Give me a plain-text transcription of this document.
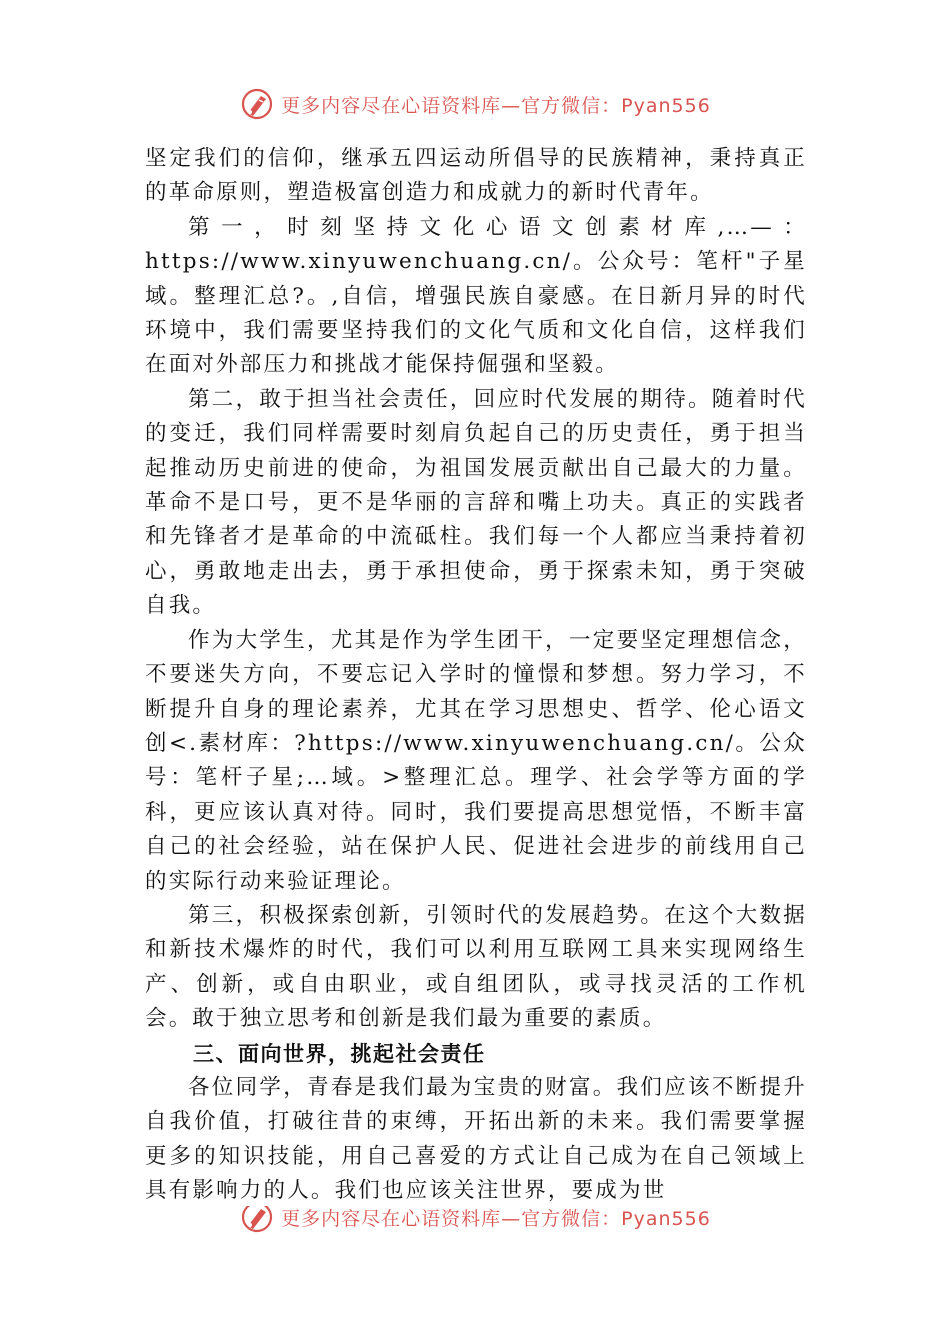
更多内容尽在心语资料库—官方微信：Pyan556

坚定我们的信仰，继承五四运动所倡导的民族精神，秉持真正的革命原则，塑造极富创造力和成就力的新时代青年。

第一，时刻坚持文化心语文创素材库,…—：https://www.xinyuwenchuang.cn/。公众号：笔杆"子星域。整理汇总?。,自信，增强民族自豪感。在日新月异的时代环境中，我们需要坚持我们的文化气质和文化自信，这样我们在面对外部压力和挑战才能保持倔强和坚毅。

第二，敢于担当社会责任，回应时代发展的期待。随着时代的变迁，我们同样需要时刻肩负起自己的历史责任，勇于担当起推动历史前进的使命，为祖国发展贡献出自己最大的力量。革命不是口号，更不是华丽的言辞和嘴上功夫。真正的实践者和先锋者才是革命的中流砥柱。我们每一个人都应当秉持着初心，勇敢地走出去，勇于承担使命，勇于探索未知，勇于突破自我。

作为大学生，尤其是作为学生团干，一定要坚定理想信念，不要迷失方向，不要忘记入学时的憧憬和梦想。努力学习，不断提升自身的理论素养，尤其在学习思想史、哲学、伦心语文创<.素材库：?https://www.xinyuwenchuang.cn/。公众号：笔杆子星;…域。>整理汇总。理学、社会学等方面的学科，更应该认真对待。同时，我们要提高思想觉悟，不断丰富自己的社会经验，站在保护人民、促进社会进步的前线用自己的实际行动来验证理论。

第三，积极探索创新，引领时代的发展趋势。在这个大数据和新技术爆炸的时代，我们可以利用互联网工具来实现网络生产、创新，或自由职业，或自组团队，或寻找灵活的工作机会。敢于独立思考和创新是我们最为重要的素质。

三、面向世界，挑起社会责任

各位同学，青春是我们最为宝贵的财富。我们应该不断提升自我价值，打破往昔的束缚，开拓出新的未来。我们需要掌握更多的知识技能，用自己喜爱的方式让自己成为在自己领域上具有影响力的人。我们也应该关注世界，要成为世

更多内容尽在心语资料库—官方微信：Pyan556
